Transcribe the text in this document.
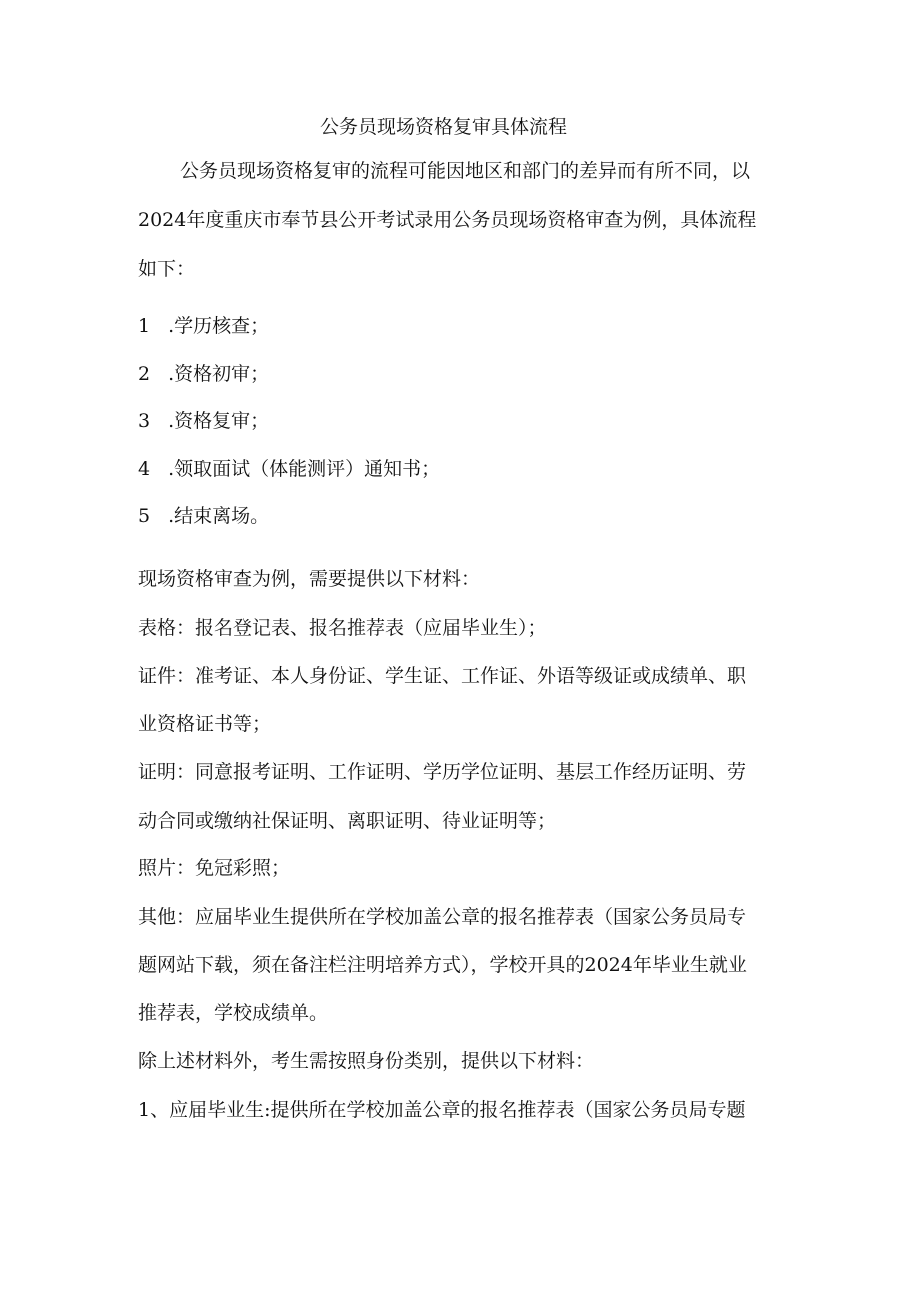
公务员现场资格复审具体流程
公务员现场资格复审的流程可能因地区和部门的差异而有所不同，以
2024年度重庆市奉节县公开考试录用公务员现场资格审查为例，具体流程
如下：
1 .学历核查；
2 .资格初审；
3 .资格复审；
4 .领取面试（体能测评）通知书；
5 .结束离场。
现场资格审查为例，需要提供以下材料：
表格：报名登记表、报名推荐表（应届毕业生）；
证件：准考证、本人身份证、学生证、工作证、外语等级证或成绩单、职
业资格证书等；
证明：同意报考证明、工作证明、学历学位证明、基层工作经历证明、劳
动合同或缴纳社保证明、离职证明、待业证明等；
照片：免冠彩照；
其他：应届毕业生提供所在学校加盖公章的报名推荐表（国家公务员局专
题网站下载，须在备注栏注明培养方式），学校开具的2024年毕业生就业
推荐表，学校成绩单。
除上述材料外，考生需按照身份类别，提供以下材料：
1、应届毕业生:提供所在学校加盖公章的报名推荐表（国家公务员局专题
